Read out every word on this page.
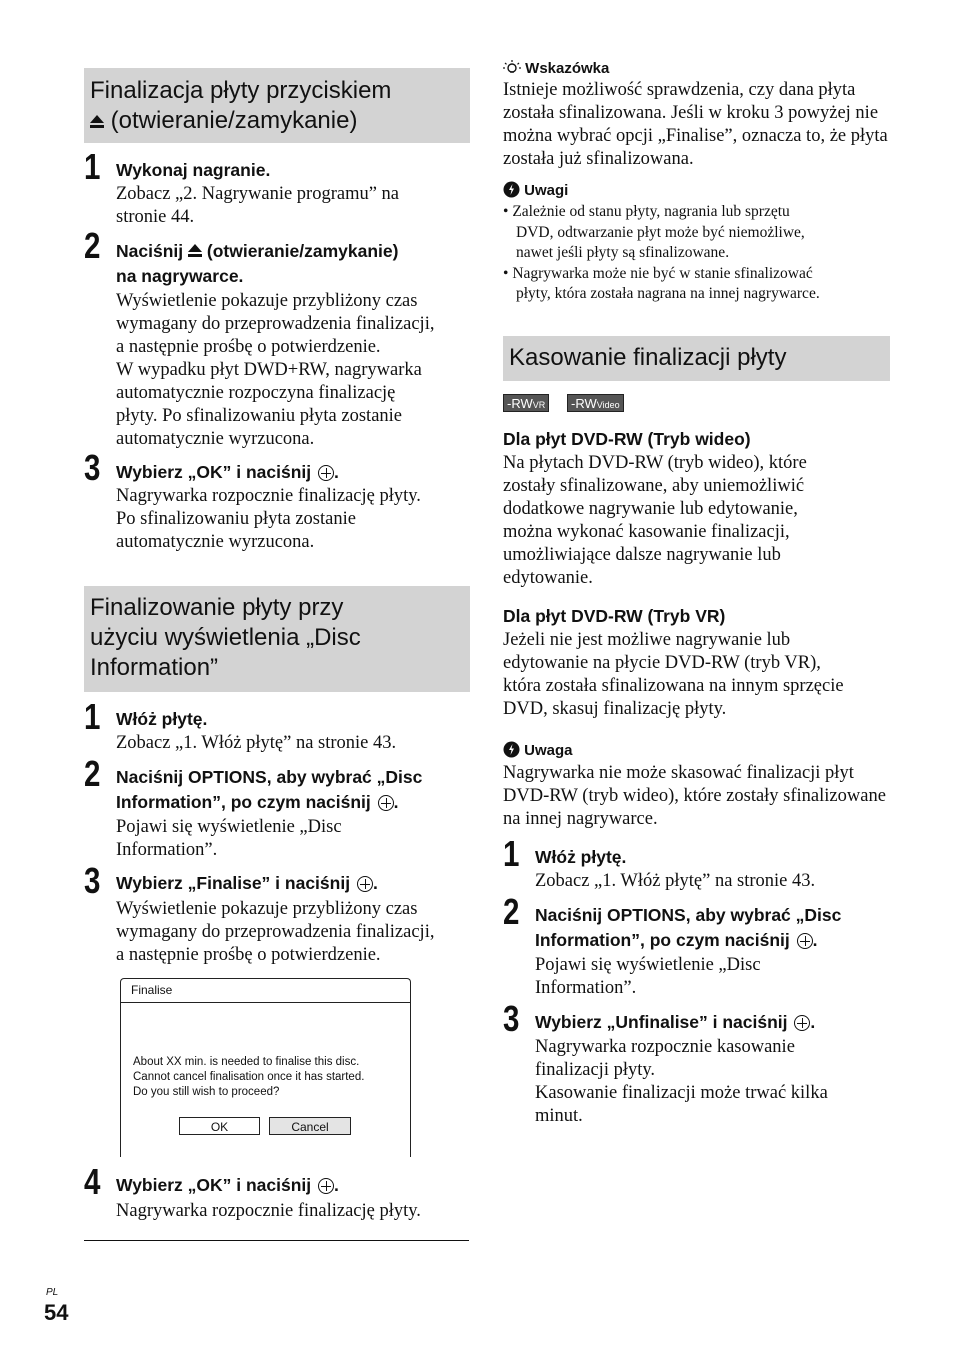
Finalizacja płyty przyciskiem
(otwieranie/zamykanie)
1 Wykonaj nagranie.
Zobacz „2. Nagrywanie programu” na
stronie 44.
2 Naciśnij (otwieranie/zamykanie)
na nagrywarce.
Wyświetlenie pokazuje przybliżony czas
wymagany do przeprowadzenia finalizacji,
a następnie prośbę o potwierdzenie.
W wypadku płyt DWD+RW, nagrywarka
automatycznie rozpoczyna finalizację
płyty. Po sfinalizowaniu płyta zostanie
automatycznie wyrzucona.
3 Wybierz „OK” i naciśnij .
Nagrywarka rozpocznie finalizację płyty.
Po sfinalizowaniu płyta zostanie
automatycznie wyrzucona.
Finalizowanie płyty przy
użyciu wyświetlenia „Disc
Information”
1 Włóż płytę.
Zobacz „1. Włóż płytę” na stronie 43.
2 Naciśnij OPTIONS, aby wybrać „Disc
Information”, po czym naciśnij .
Pojawi się wyświetlenie „Disc
Information”.
3 Wybierz „Finalise” i naciśnij .
Wyświetlenie pokazuje przybliżony czas
wymagany do przeprowadzenia finalizacji,
a następnie prośbę o potwierdzenie.
Finalise
About XX min. is needed to finalise this disc.
Cannot cancel finalisation once it has started.
Do you still wish to proceed?
OK	Cancel
4 Wybierz „OK” i naciśnij .
Nagrywarka rozpocznie finalizację płyty.
Wskazówka
Istnieje możliwość sprawdzenia, czy dana płyta
została sfinalizowana. Jeśli w kroku 3 powyżej nie
można wybrać opcji „Finalise”, oznacza to, że płyta
została już sfinalizowana.
Uwagi
• Zależnie od stanu płyty, nagrania lub sprzętu
DVD, odtwarzanie płyt może być niemożliwe,
nawet jeśli płyty są sfinalizowane.
• Nagrywarka może nie być w stanie sfinalizować
płyty, która została nagrana na innej nagrywarce.
Kasowanie finalizacji płyty
-RWVR	-RWVideo
Dla płyt DVD-RW (Tryb wideo)
Na płytach DVD-RW (tryb wideo), które
zostały sfinalizowane, aby uniemożliwić
dodatkowe nagrywanie lub edytowanie,
można wykonać kasowanie finalizacji,
umożliwiające dalsze nagrywanie lub
edytowanie.
Dla płyt DVD-RW (Tryb VR)
Jeżeli nie jest możliwe nagrywanie lub
edytowanie na płycie DVD-RW (tryb VR),
która została sfinalizowana na innym sprzęcie
DVD, skasuj finalizację płyty.
Uwaga
Nagrywarka nie może skasować finalizacji płyt
DVD-RW (tryb wideo), które zostały sfinalizowane
na innej nagrywarce.
1 Włóż płytę.
Zobacz „1. Włóż płytę” na stronie 43.
2 Naciśnij OPTIONS, aby wybrać „Disc
Information”, po czym naciśnij .
Pojawi się wyświetlenie „Disc
Information”.
3 Wybierz „Unfinalise” i naciśnij .
Nagrywarka rozpocznie kasowanie
finalizacji płyty.
Kasowanie finalizacji może trwać kilka
minut.
PL
54
